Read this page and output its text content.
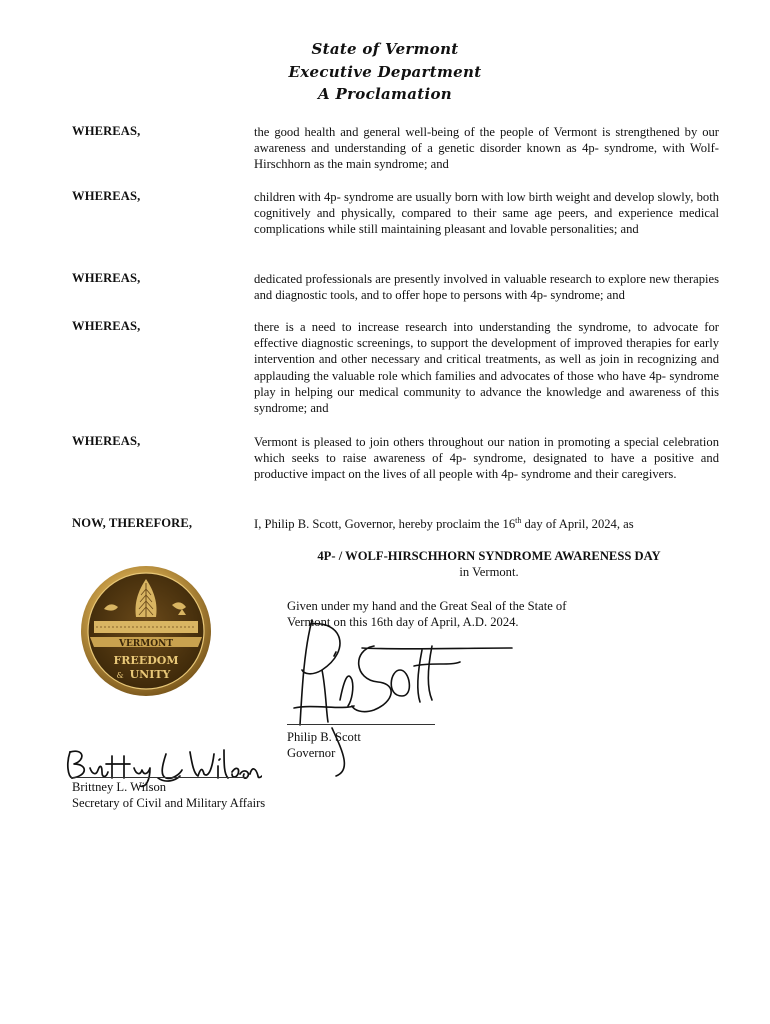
State of Vermont
Executive Department
A Proclamation
WHEREAS,	the good health and general well-being of the people of Vermont is strengthened by our awareness and understanding of a genetic disorder known as 4p- syndrome, with Wolf-Hirschhorn as the main syndrome; and
WHEREAS,	children with 4p- syndrome are usually born with low birth weight and develop slowly, both cognitively and physically, compared to their same age peers, and experience medical complications while still maintaining pleasant and lovable personalities; and
WHEREAS,	dedicated professionals are presently involved in valuable research to explore new therapies and diagnostic tools, and to offer hope to persons with 4p- syndrome; and
WHEREAS,	there is a need to increase research into understanding the syndrome, to advocate for effective diagnostic screenings, to support the development of improved therapies for early intervention and other necessary and critical treatments, as well as join in recognizing and applauding the valuable role which families and advocates of those who have 4p- syndrome play in helping our medical community to advance the knowledge and awareness of this syndrome; and
WHEREAS,	Vermont is pleased to join others throughout our nation in promoting a special celebration which seeks to raise awareness of 4p- syndrome, designated to have a positive and productive impact on the lives of all people with 4p- syndrome and their caregivers.
NOW, THEREFORE,	I, Philip B. Scott, Governor, hereby proclaim the 16th day of April, 2024, as
4P- / WOLF-HIRSCHHORN SYNDROME AWARENESS DAY
in Vermont.
Given under my hand and the Great Seal of the State of
Vermont on this 16th day of April, A.D. 2024.
VERMONT
FREEDOM
& UNITY
Philip B. Scott
Governor
Brittney L. Wilson
Secretary of Civil and Military Affairs
